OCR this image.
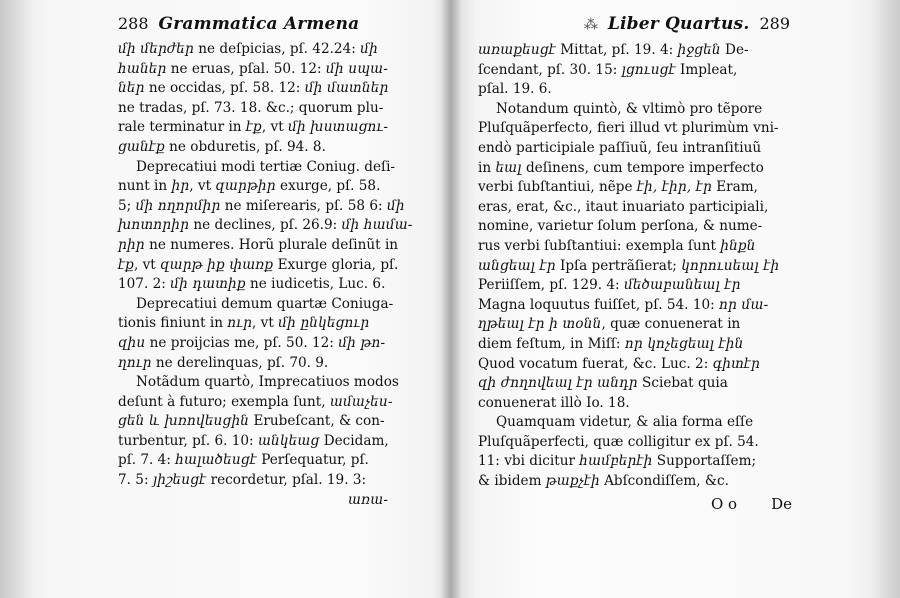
288 Grammatica Armena
մի մերժեր ne deſpicias, pſ. 42.24: մի
հաներ ne eruas, pſal. 50. 12: մի սպա-
ներ ne occidas, pſ. 58. 12: մի մատներ
ne tradas, pſ. 73. 18. &c.; quorum plu-
rale terminatur in էք, vt մի խստացու-
ցանէք ne obduretis, pſ. 94. 8.
Deprecatiui modi tertiæ Coniug. deſi-
nunt in իր, vt զարթիր exurge, pſ. 58.
5; մի ողորմիր ne miſerearis, pſ. 58 6: մի
խոտորիր ne declines, pſ. 26.9: մի համա-
րիր ne numeres. Horũ plurale deſinũt in
էք, vt զարթ իք փառք Exurge gloria, pſ.
107. 2: մի դատիք ne iudicetis, Luc. 6.
Deprecatiui demum quartæ Coniuga-
tionis finiunt in ուր, vt մի ընկեցուր
զիս ne proijcias me, pſ. 50. 12: մի թո-
ղուր ne derelinquas, pſ. 70. 9.
Notãdum quartò, Imprecatiuos modos
deſunt à futuro; exempla ſunt, ամաչես-
ցեն և խռովեսցին Erubeſcant, & con-
turbentur, pſ. 6. 10: անկեաց Decidam,
pſ. 7. 4: հալածեսցէ Perſequatur, pſ.
7. 5: յիշեսցէ recordetur, pſal. 19. 3:
առա-
⁂ Liber Quartus. 289
առաքեսցէ Mittat, pſ. 19. 4: իջցեն De-
ſcendant, pſ. 30. 15: լցուսցէ Impleat,
pſal. 19. 6.
Notandum quintò, & vltimò pro tẽpore
Pluſquãperfecto, fieri illud vt plurimùm vni-
endò participiale paſſiuũ, ſeu intranſitiuũ
in եալ deſinens, cum tempore imperfecto
verbi ſubſtantiui, nẽpe էի, էիր, էր Eram,
eras, erat, &c., itaut inuariato participiali,
nomine, varietur ſolum perſona, & nume-
rus verbi ſubſtantiui: exempla ſunt ինքն
անցեալ էր Ipſa pertrãſierat; կորուսեալ էի
Periiſſem, pſ. 129. 4: մեծաբանեալ էր
Magna loquutus fuiſſet, pſ. 54. 10: որ մա-
ղթեալ էր ի տօնն, quæ conuenerat in
diem feſtum, in Miſſ: որ կոչեցեալ էին
Quod vocatum fuerat, &c. Luc. 2: գիտէր
զի ժողովեալ էր անդր Sciebat quia
conuenerat illò Io. 18.
Quamquam videtur, & alia forma eſſe
Pluſquãperfecti, quæ colligitur ex pſ. 54.
11: vbi dicitur համբերէի Supportaſſem;
& ibidem թաքչէի Abſcondiſſem, &c.
O o De
